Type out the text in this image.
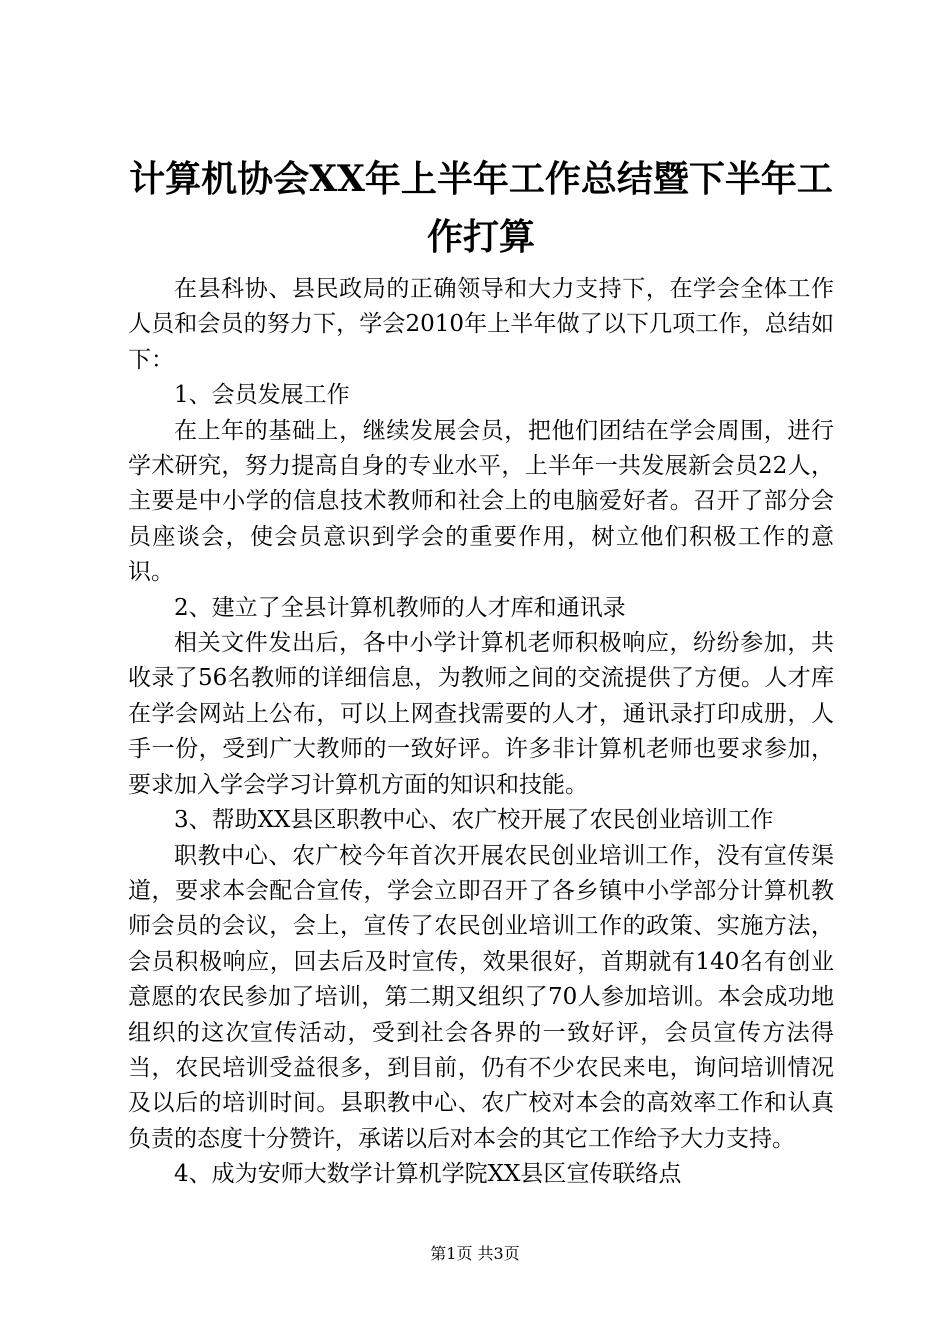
计算机协会XX年上半年工作总结暨下半年工作打算

在县科协、县民政局的正确领导和大力支持下，在学会全体工作人员和会员的努力下，学会2010年上半年做了以下几项工作，总结如下：

1、会员发展工作

在上年的基础上，继续发展会员，把他们团结在学会周围，进行学术研究，努力提高自身的专业水平，上半年一共发展新会员22人，主要是中小学的信息技术教师和社会上的电脑爱好者。召开了部分会员座谈会，使会员意识到学会的重要作用，树立他们积极工作的意识。

2、建立了全县计算机教师的人才库和通讯录

相关文件发出后，各中小学计算机老师积极响应，纷纷参加，共收录了56名教师的详细信息，为教师之间的交流提供了方便。人才库在学会网站上公布，可以上网查找需要的人才，通讯录打印成册，人手一份，受到广大教师的一致好评。许多非计算机老师也要求参加，要求加入学会学习计算机方面的知识和技能。

3、帮助XX县区职教中心、农广校开展了农民创业培训工作

职教中心、农广校今年首次开展农民创业培训工作，没有宣传渠道，要求本会配合宣传，学会立即召开了各乡镇中小学部分计算机教师会员的会议，会上，宣传了农民创业培训工作的政策、实施方法，会员积极响应，回去后及时宣传，效果很好，首期就有140名有创业意愿的农民参加了培训，第二期又组织了70人参加培训。本会成功地组织的这次宣传活动，受到社会各界的一致好评，会员宣传方法得当，农民培训受益很多，到目前，仍有不少农民来电，询问培训情况及以后的培训时间。县职教中心、农广校对本会的高效率工作和认真负责的态度十分赞许，承诺以后对本会的其它工作给予大力支持。

4、成为安师大数学计算机学院XX县区宣传联络点

第1页 共3页
